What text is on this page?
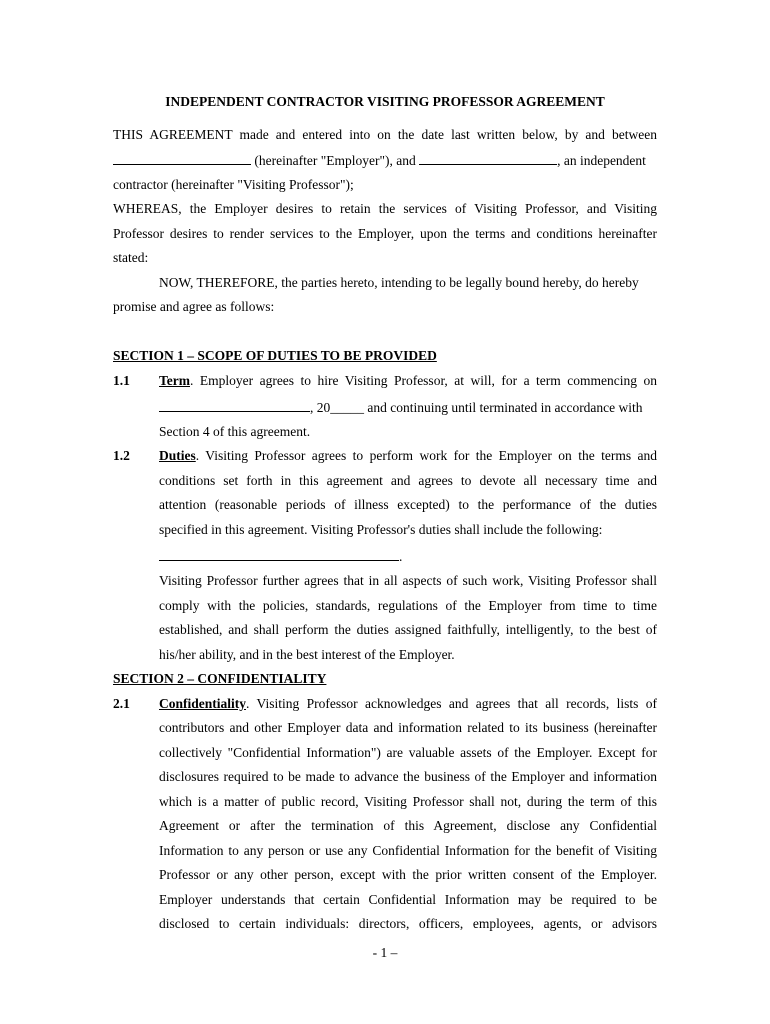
INDEPENDENT CONTRACTOR VISITING PROFESSOR AGREEMENT
THIS AGREEMENT made and entered into on the date last written below, by and between
(hereinafter "Employer"), and	, an independent
contractor (hereinafter "Visiting Professor");
WHEREAS, the Employer desires to retain the services of Visiting Professor, and Visiting
Professor desires to render services to the Employer, upon the terms and conditions hereinafter
stated:
NOW, THEREFORE, the parties hereto, intending to be legally bound hereby, do hereby
promise and agree as follows:
SECTION 1 – SCOPE OF DUTIES TO BE PROVIDED
1.1 Term. Employer agrees to hire Visiting Professor, at will, for a term commencing on
, 20_____ and continuing until terminated in accordance with
Section 4 of this agreement.
1.2 Duties. Visiting Professor agrees to perform work for the Employer on the terms and
conditions set forth in this agreement and agrees to devote all necessary time and
attention (reasonable periods of illness excepted) to the performance of the duties
specified in this agreement. Visiting Professor's duties shall include the following:
.
Visiting Professor further agrees that in all aspects of such work, Visiting Professor shall
comply with the policies, standards, regulations of the Employer from time to time
established, and shall perform the duties assigned faithfully, intelligently, to the best of
his/her ability, and in the best interest of the Employer.
SECTION 2 – CONFIDENTIALITY
2.1 Confidentiality. Visiting Professor acknowledges and agrees that all records, lists of
contributors and other Employer data and information related to its business (hereinafter
collectively "Confidential Information") are valuable assets of the Employer. Except for
disclosures required to be made to advance the business of the Employer and information
which is a matter of public record, Visiting Professor shall not, during the term of this
Agreement or after the termination of this Agreement, disclose any Confidential
Information to any person or use any Confidential Information for the benefit of Visiting
Professor or any other person, except with the prior written consent of the Employer.
Employer understands that certain Confidential Information may be required to be
disclosed to certain individuals: directors, officers, employees, agents, or advisors
- 1 –
